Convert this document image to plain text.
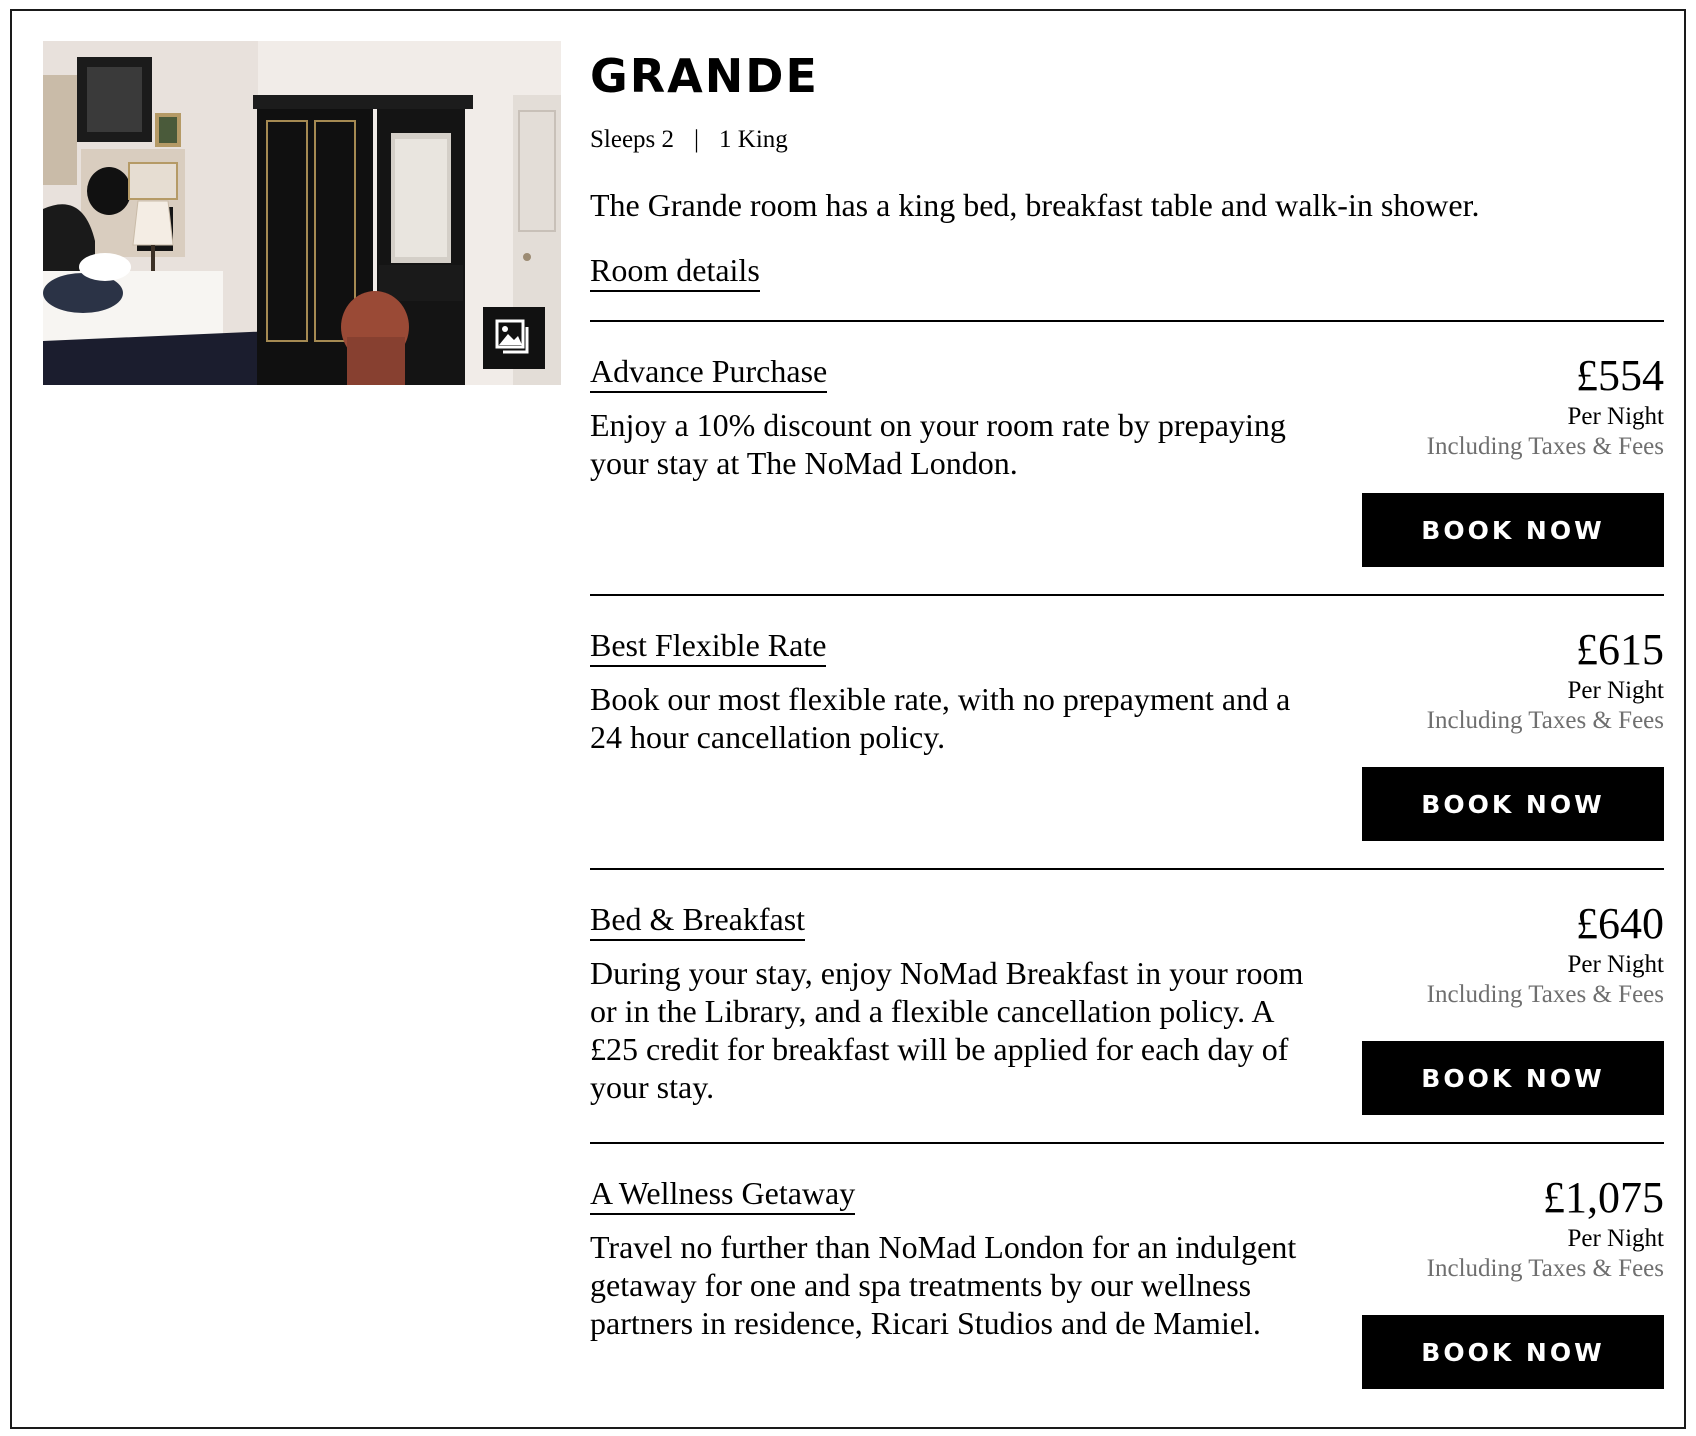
GRANDE
Sleeps 2 | 1 King
The Grande room has a king bed, breakfast table and walk-in shower.
Room details
Advance Purchase
Enjoy a 10% discount on your room rate by prepaying your stay at The NoMad London.
£554
Per Night
Including Taxes & Fees
BOOK NOW
Best Flexible Rate
Book our most flexible rate, with no prepayment and a 24 hour cancellation policy.
£615
Per Night
Including Taxes & Fees
BOOK NOW
Bed & Breakfast
During your stay, enjoy NoMad Breakfast in your room or in the Library, and a flexible cancellation policy. A £25 credit for breakfast will be applied for each day of your stay.
£640
Per Night
Including Taxes & Fees
BOOK NOW
A Wellness Getaway
Travel no further than NoMad London for an indulgent getaway for one and spa treatments by our wellness partners in residence, Ricari Studios and de Mamiel.
£1,075
Per Night
Including Taxes & Fees
BOOK NOW
